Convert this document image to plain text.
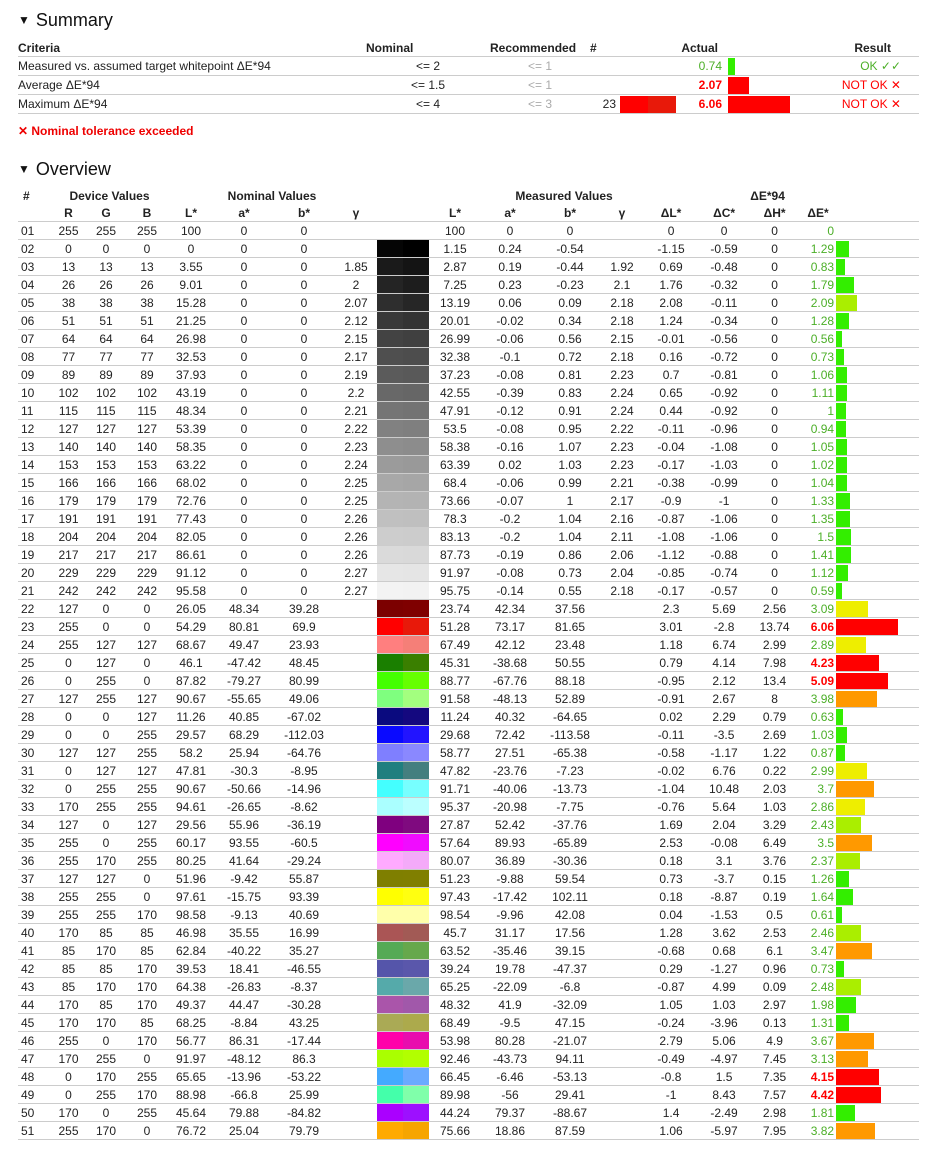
▼ Summary
Criteria	Nominal	Recommended	#	Actual			Result
Measured vs. assumed target whitepoint ΔE*94	<= 2	<= 1			0.74		OK ✓✓
Average ΔE*94	<= 1.5	<= 1			2.07		NOT OK ✕
Maximum ΔE*94	<= 4	<= 3	23		6.06		NOT OK ✕
✕ Nominal tolerance exceeded
▼ Overview
#	Device Values			Nominal Values					Measured Values					ΔE*94			
	R	G	B	L*	a*	b*	γ		L*	a*	b*	γ	ΔL*	ΔC*	ΔH*	ΔE*	
01	255	255	255	100	0	0			100	0	0		0	0	0	0	

02	0	0	0	0	0	0			1.15	0.24	-0.54		-1.15	-0.59	0	1.29	

03	13	13	13	3.55	0	0	1.85		2.87	0.19	-0.44	1.92	0.69	-0.48	0	0.83	

04	26	26	26	9.01	0	0	2		7.25	0.23	-0.23	2.1	1.76	-0.32	0	1.79	

05	38	38	38	15.28	0	0	2.07		13.19	0.06	0.09	2.18	2.08	-0.11	0	2.09	

06	51	51	51	21.25	0	0	2.12		20.01	-0.02	0.34	2.18	1.24	-0.34	0	1.28	

07	64	64	64	26.98	0	0	2.15		26.99	-0.06	0.56	2.15	-0.01	-0.56	0	0.56	

08	77	77	77	32.53	0	0	2.17		32.38	-0.1	0.72	2.18	0.16	-0.72	0	0.73	

09	89	89	89	37.93	0	0	2.19		37.23	-0.08	0.81	2.23	0.7	-0.81	0	1.06	

10	102	102	102	43.19	0	0	2.2		42.55	-0.39	0.83	2.24	0.65	-0.92	0	1.11	

11	115	115	115	48.34	0	0	2.21		47.91	-0.12	0.91	2.24	0.44	-0.92	0	1	

12	127	127	127	53.39	0	0	2.22		53.5	-0.08	0.95	2.22	-0.11	-0.96	0	0.94	

13	140	140	140	58.35	0	0	2.23		58.38	-0.16	1.07	2.23	-0.04	-1.08	0	1.05	

14	153	153	153	63.22	0	0	2.24		63.39	0.02	1.03	2.23	-0.17	-1.03	0	1.02	

15	166	166	166	68.02	0	0	2.25		68.4	-0.06	0.99	2.21	-0.38	-0.99	0	1.04	

16	179	179	179	72.76	0	0	2.25		73.66	-0.07	1	2.17	-0.9	-1	0	1.33	

17	191	191	191	77.43	0	0	2.26		78.3	-0.2	1.04	2.16	-0.87	-1.06	0	1.35	

18	204	204	204	82.05	0	0	2.26		83.13	-0.2	1.04	2.11	-1.08	-1.06	0	1.5	

19	217	217	217	86.61	0	0	2.26		87.73	-0.19	0.86	2.06	-1.12	-0.88	0	1.41	

20	229	229	229	91.12	0	0	2.27		91.97	-0.08	0.73	2.04	-0.85	-0.74	0	1.12	

21	242	242	242	95.58	0	0	2.27		95.75	-0.14	0.55	2.18	-0.17	-0.57	0	0.59	

22	127	0	0	26.05	48.34	39.28			23.74	42.34	37.56		2.3	5.69	2.56	3.09	

23	255	0	0	54.29	80.81	69.9			51.28	73.17	81.65		3.01	-2.8	13.74	6.06	

24	255	127	127	68.67	49.47	23.93			67.49	42.12	23.48		1.18	6.74	2.99	2.89	

25	0	127	0	46.1	-47.42	48.45			45.31	-38.68	50.55		0.79	4.14	7.98	4.23	

26	0	255	0	87.82	-79.27	80.99			88.77	-67.76	88.18		-0.95	2.12	13.4	5.09	

27	127	255	127	90.67	-55.65	49.06			91.58	-48.13	52.89		-0.91	2.67	8	3.98	

28	0	0	127	11.26	40.85	-67.02			11.24	40.32	-64.65		0.02	2.29	0.79	0.63	

29	0	0	255	29.57	68.29	-112.03			29.68	72.42	-113.58		-0.11	-3.5	2.69	1.03	

30	127	127	255	58.2	25.94	-64.76			58.77	27.51	-65.38		-0.58	-1.17	1.22	0.87	

31	0	127	127	47.81	-30.3	-8.95			47.82	-23.76	-7.23		-0.02	6.76	0.22	2.99	

32	0	255	255	90.67	-50.66	-14.96			91.71	-40.06	-13.73		-1.04	10.48	2.03	3.7	

33	170	255	255	94.61	-26.65	-8.62			95.37	-20.98	-7.75		-0.76	5.64	1.03	2.86	

34	127	0	127	29.56	55.96	-36.19			27.87	52.42	-37.76		1.69	2.04	3.29	2.43	

35	255	0	255	60.17	93.55	-60.5			57.64	89.93	-65.89		2.53	-0.08	6.49	3.5	

36	255	170	255	80.25	41.64	-29.24			80.07	36.89	-30.36		0.18	3.1	3.76	2.37	

37	127	127	0	51.96	-9.42	55.87			51.23	-9.88	59.54		0.73	-3.7	0.15	1.26	

38	255	255	0	97.61	-15.75	93.39			97.43	-17.42	102.11		0.18	-8.87	0.19	1.64	

39	255	255	170	98.58	-9.13	40.69			98.54	-9.96	42.08		0.04	-1.53	0.5	0.61	

40	170	85	85	46.98	35.55	16.99			45.7	31.17	17.56		1.28	3.62	2.53	2.46	

41	85	170	85	62.84	-40.22	35.27			63.52	-35.46	39.15		-0.68	0.68	6.1	3.47	

42	85	85	170	39.53	18.41	-46.55			39.24	19.78	-47.37		0.29	-1.27	0.96	0.73	

43	85	170	170	64.38	-26.83	-8.37			65.25	-22.09	-6.8		-0.87	4.99	0.09	2.48	

44	170	85	170	49.37	44.47	-30.28			48.32	41.9	-32.09		1.05	1.03	2.97	1.98	

45	170	170	85	68.25	-8.84	43.25			68.49	-9.5	47.15		-0.24	-3.96	0.13	1.31	

46	255	0	170	56.77	86.31	-17.44			53.98	80.28	-21.07		2.79	5.06	4.9	3.67	

47	170	255	0	91.97	-48.12	86.3			92.46	-43.73	94.11		-0.49	-4.97	7.45	3.13	

48	0	170	255	65.65	-13.96	-53.22			66.45	-6.46	-53.13		-0.8	1.5	7.35	4.15	

49	0	255	170	88.98	-66.8	25.99			89.98	-56	29.41		-1	8.43	7.57	4.42	

50	170	0	255	45.64	79.88	-84.82			44.24	79.37	-88.67		1.4	-2.49	2.98	1.81	

51	255	170	0	76.72	25.04	79.79			75.66	18.86	87.59		1.06	-5.97	7.95	3.82	
